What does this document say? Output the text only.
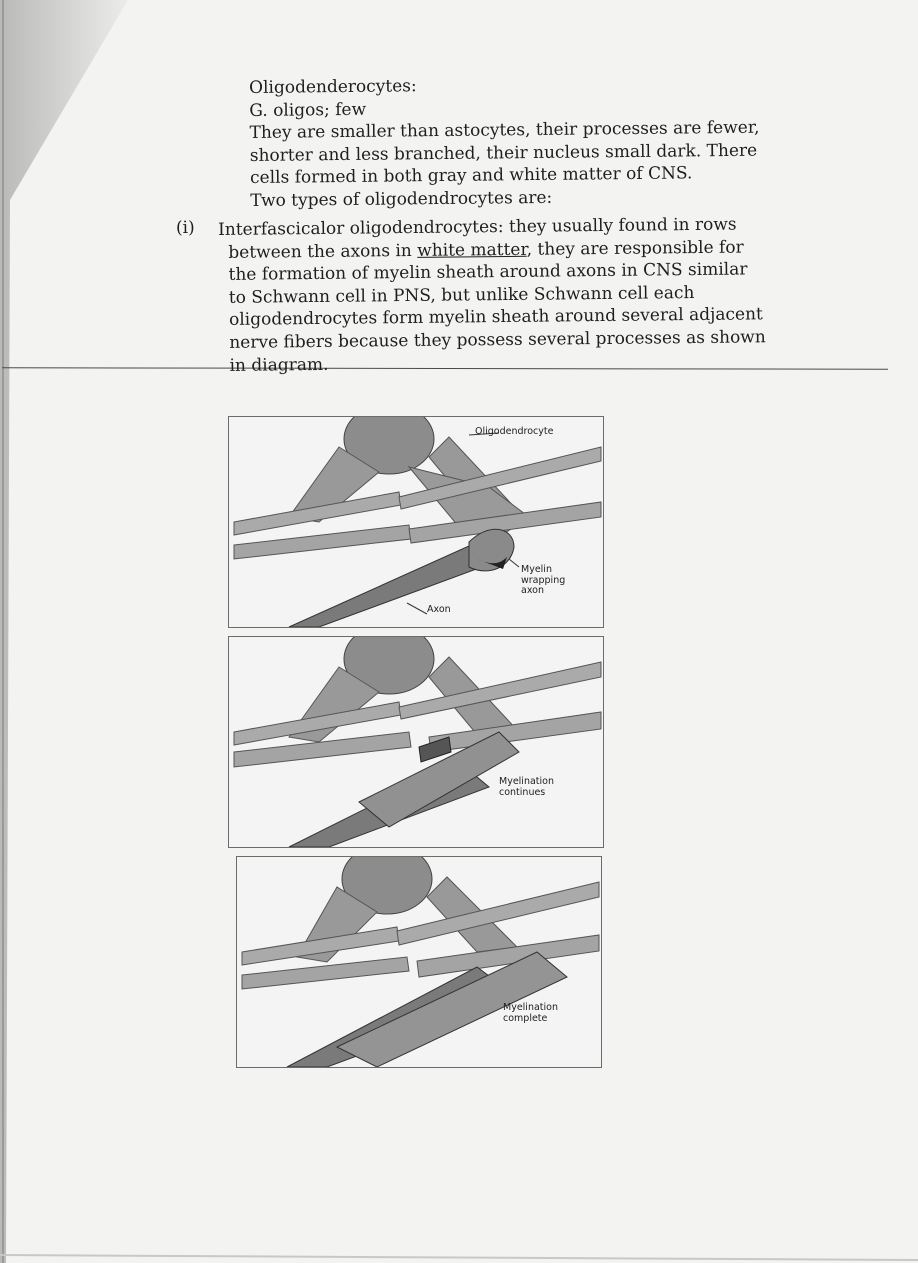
Oligodenderocytes:
G. oligos; few
They are smaller than astocytes, their processes are fewer,
shorter and less branched, their nucleus small dark. There
cells formed in both gray and white matter of CNS.
Two types of oligodendrocytes are:
(i) Interfascicalor oligodendrocytes: they usually found in rows
between the axons in white matter, they are responsible for
the formation of myelin sheath around axons in CNS similar
to Schwann cell in PNS, but unlike Schwann cell each
oligodendrocytes form myelin sheath around several adjacent
nerve fibers because they possess several processes as shown
in diagram.
Oligodendrocyte
Myelin
wrapping
axon
Axon
Myelination
continues
Myelination
complete
